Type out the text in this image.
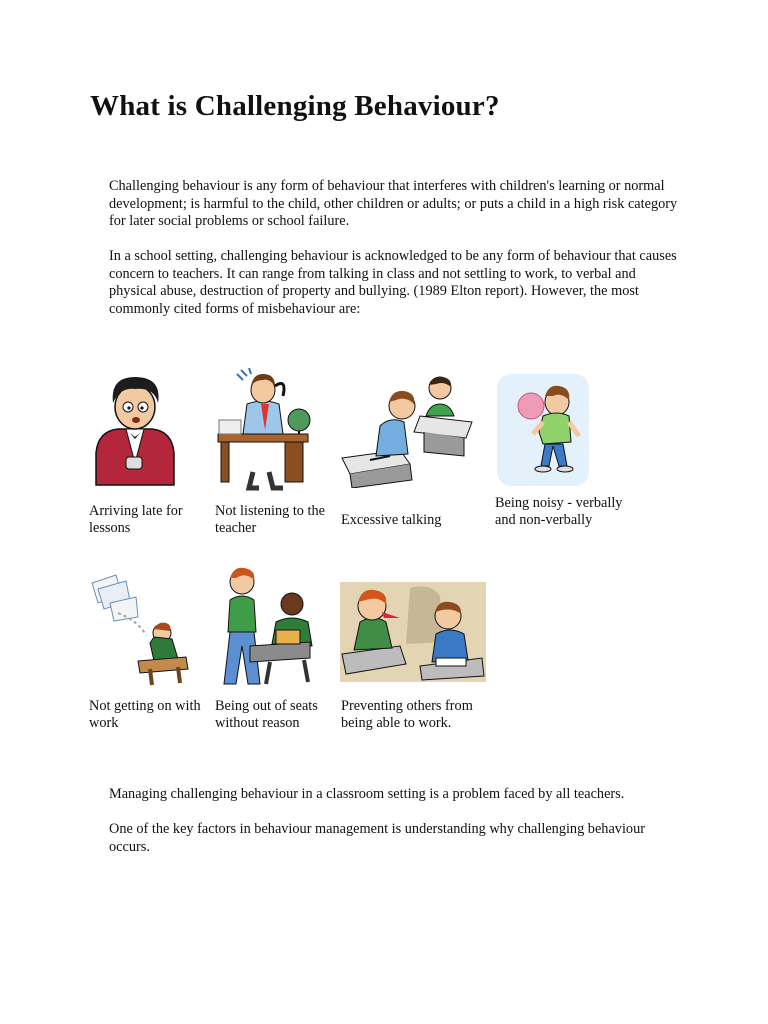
What is Challenging Behaviour?
Challenging behaviour is any form of behaviour that interferes with children's learning or normal development; is harmful to the child, other children or adults; or puts a child in a high risk category for later social problems or school failure.
In a school setting, challenging behaviour is acknowledged to be any form of behaviour that causes concern to teachers. It can range from talking in class and not settling to work, to verbal and physical abuse, destruction of property and bullying. (1989 Elton report). However, the most commonly cited forms of misbehaviour are:
Arriving late for lessons
Not listening to the teacher	Excessive talking
Being noisy - verbally and non-verbally
Not getting on with work
Being out of seats without reason
Preventing others from being able to work.
Managing challenging behaviour in a classroom setting is a problem faced by all teachers.
One of the key factors in behaviour management is understanding why challenging behaviour occurs.
